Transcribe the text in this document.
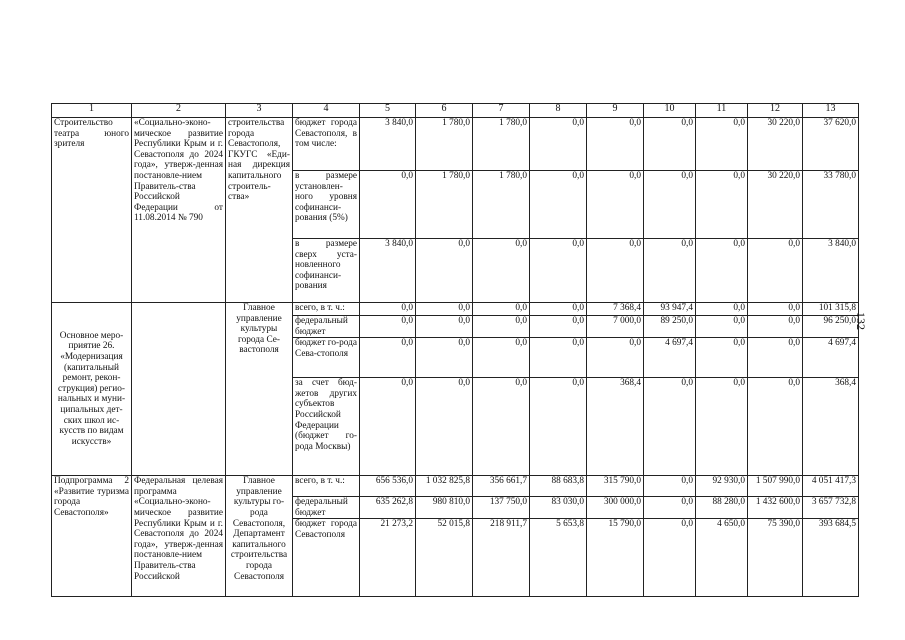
1	2	3	4	5	6	7	8	9	10	11	12	13
Строительство театра юного зрителя	«Социально-эконо-мическое развитие Республики Крым и г. Севастополя до 2024 года», утверж-денная постановле-нием Правитель-ства Российской Федерации от 11.08.2014 № 790	строительства города Севастополя, ГКУГС «Еди-ная дирекция капитального строитель-ства»	бюджет города Севастополя, в том числе:	3 840,0	1 780,0	1 780,0	0,0	0,0	0,0	0,0	30 220,0	37 620,0
			в размере установлен-ного уровня софинанси-рования (5%)	0,0	1 780,0	1 780,0	0,0	0,0	0,0	0,0	30 220,0	33 780,0
			в размере сверх уста-новленного софинанси-рования	3 840,0	0,0	0,0	0,0	0,0	0,0	0,0	0,0	3 840,0
Основное меро-приятие 26. «Модернизация (капитальный ремонт, рекон-струкция) регио-нальных и муни-ципальных дет-ских школ ис-кусств по видам искусств»		Главное управление культуры города Се-вастополя	всего, в т. ч.:	0,0	0,0	0,0	0,0	7 368,4	93 947,4	0,0	0,0	101 315,8
			федеральный бюджет	0,0	0,0	0,0	0,0	7 000,0	89 250,0	0,0	0,0	96 250,0
			бюджет го-рода Сева-стополя	0,0	0,0	0,0	0,0	0,0	4 697,4	0,0	0,0	4 697,4
			за счет бюд-жетов других субъектов Российской Федерации (бюджет го-рода Москвы)	0,0	0,0	0,0	0,0	368,4	0,0	0,0	0,0	368,4
Подпрограмма 2 «Развитие туризма города Севастополя»	Федеральная целевая программа «Социально-эконо-мическое развитие Республики Крым и г. Севастополя до 2024 года», утверж-денная постановле-нием Правитель-ства Российской	Главное управление культуры го-рода Севастополя, Департамент капитального строительства города Севастополя	всего, в т. ч.:	656 536,0	1 032 825,8	356 661,7	88 683,8	315 790,0	0,0	92 930,0	1 507 990,0	4 051 417,3
			федеральный бюджет	635 262,8	980 810,0	137 750,0	83 030,0	300 000,0	0,0	88 280,0	1 432 600,0	3 657 732,8
			бюджет города Севастополя	21 273,2	52 015,8	218 911,7	5 653,8	15 790,0	0,0	4 650,0	75 390,0	393 684,5
132
